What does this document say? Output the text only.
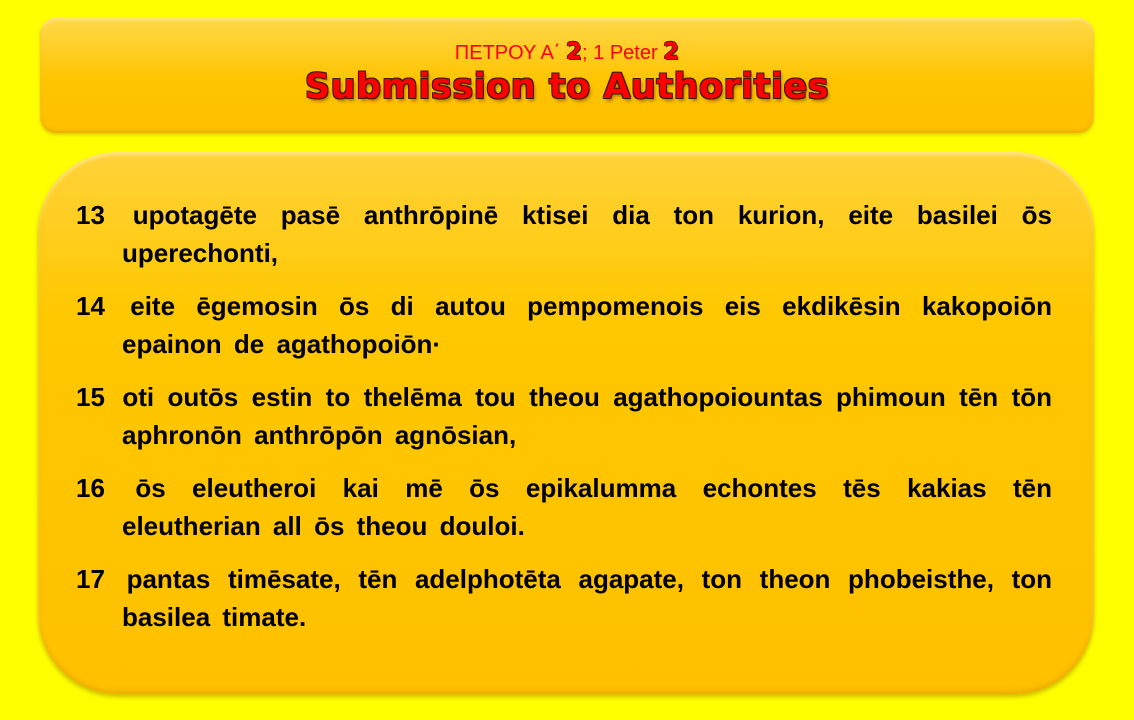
ΠΕΤΡΟΥ Α΄ 2; 1 Peter 2
Submission to Authorities
13 upotagēte pasē anthrōpinē ktisei dia ton kurion, eite basilei ōs uperechonti,
14 eite ēgemosin ōs di autou pempomenois eis ekdikēsin kakopoiōn epainon de agathopoiōn·
15 oti outōs estin to thelēma tou theou agathopoiountas phimoun tēn tōn aphronōn anthrōpōn agnōsian,
16 ōs eleutheroi kai mē ōs epikalumma echontes tēs kakias tēn eleutherian all ōs theou douloi.
17 pantas timēsate, tēn adelphotēta agapate, ton theon phobeisthe, ton basilea timate.
